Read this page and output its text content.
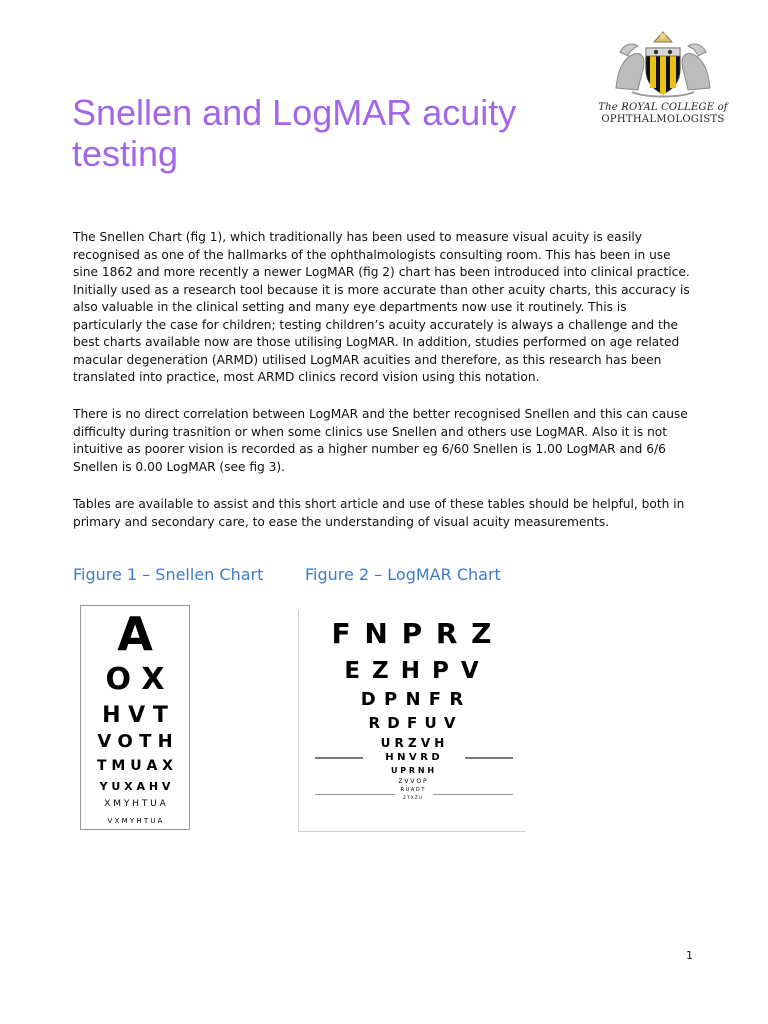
The ROYAL COLLEGE of
OPHTHALMOLOGISTS
Snellen and LogMAR acuity testing

The Snellen Chart (fig 1), which traditionally has been used to measure visual acuity is easily recognised as one of the hallmarks of the ophthalmologists consulting room. This has been in use sine 1862 and more recently a newer LogMAR (fig 2) chart has been introduced into clinical practice. Initially used as a research tool because it is more accurate than other acuity charts, this accuracy is also valuable in the clinical setting and many eye departments now use it routinely. This is particularly the case for children; testing children’s acuity accurately is always a challenge and the best charts available now are those utilising LogMAR. In addition, studies performed on age related macular degeneration (ARMD) utilised LogMAR acuities and therefore, as this research has been translated into practice, most ARMD clinics record vision using this notation.

There is no direct correlation between LogMAR and the better recognised Snellen and this can cause difficulty during trasnition or when some clinics use Snellen and others use LogMAR. Also it is not intuitive as poorer vision is recorded as a higher number eg 6/60 Snellen is 1.00 LogMAR and 6/6 Snellen is 0.00 LogMAR (see fig 3).

Tables are available to assist and this short article and use of these tables should be helpful, both in primary and secondary care, to ease the understanding of visual acuity measurements.

Figure 1 – Snellen Chart	Figure 2 – LogMAR Chart

A
O X
H V T
V O T H
T M U A X
Y U X A H V
X M Y H T U A
V X M Y H T U A
F N P R Z
E Z H P V
D P N F R
R D F U V
U R Z V H
H N V R D
U P R N H
Z V V O P
R U A D T
Z T X Z U

1
